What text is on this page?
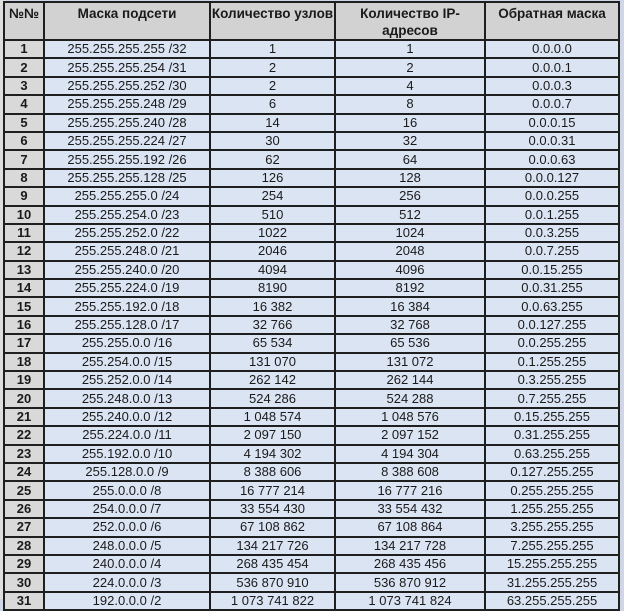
№№	Маска подсети	Количество узлов	Количество IP-адресов	Обратная маска
1	255.255.255.255 /32	1	1	0.0.0.0
2	255.255.255.254 /31	2	2	0.0.0.1
3	255.255.255.252 /30	2	4	0.0.0.3
4	255.255.255.248 /29	6	8	0.0.0.7
5	255.255.255.240 /28	14	16	0.0.0.15
6	255.255.255.224 /27	30	32	0.0.0.31
7	255.255.255.192 /26	62	64	0.0.0.63
8	255.255.255.128 /25	126	128	0.0.0.127
9	255.255.255.0 /24	254	256	0.0.0.255
10	255.255.254.0 /23	510	512	0.0.1.255
11	255.255.252.0 /22	1022	1024	0.0.3.255
12	255.255.248.0 /21	2046	2048	0.0.7.255
13	255.255.240.0 /20	4094	4096	0.0.15.255
14	255.255.224.0 /19	8190	8192	0.0.31.255
15	255.255.192.0 /18	16 382	16 384	0.0.63.255
16	255.255.128.0 /17	32 766	32 768	0.0.127.255
17	255.255.0.0 /16	65 534	65 536	0.0.255.255
18	255.254.0.0 /15	131 070	131 072	0.1.255.255
19	255.252.0.0 /14	262 142	262 144	0.3.255.255
20	255.248.0.0 /13	524 286	524 288	0.7.255.255
21	255.240.0.0 /12	1 048 574	1 048 576	0.15.255.255
22	255.224.0.0 /11	2 097 150	2 097 152	0.31.255.255
23	255.192.0.0 /10	4 194 302	4 194 304	0.63.255.255
24	255.128.0.0 /9	8 388 606	8 388 608	0.127.255.255
25	255.0.0.0 /8	16 777 214	16 777 216	0.255.255.255
26	254.0.0.0 /7	33 554 430	33 554 432	1.255.255.255
27	252.0.0.0 /6	67 108 862	67 108 864	3.255.255.255
28	248.0.0.0 /5	134 217 726	134 217 728	7.255.255.255
29	240.0.0.0 /4	268 435 454	268 435 456	15.255.255.255
30	224.0.0.0 /3	536 870 910	536 870 912	31.255.255.255
31	192.0.0.0 /2	1 073 741 822	1 073 741 824	63.255.255.255
